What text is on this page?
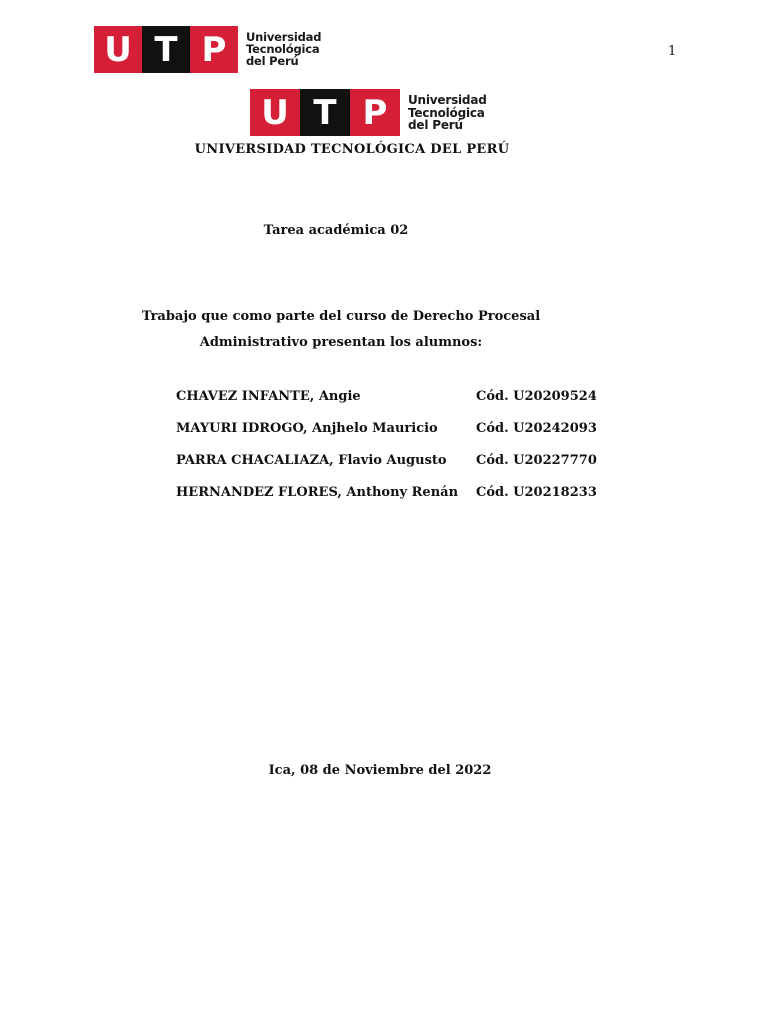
U T P	Universidad
Tecnológica
del Perú
1
U T P	Universidad
Tecnológica
del Perú
UNIVERSIDAD TECNOLÓGICA DEL PERÚ
Tarea académica 02
Trabajo que como parte del curso de Derecho Procesal
Administrativo presentan los alumnos:
CHAVEZ INFANTE, Angie	Cód. U20209524
MAYURI IDROGO, Anjhelo Mauricio	Cód. U20242093
PARRA CHACALIAZA, Flavio Augusto Cód. U20227770
HERNANDEZ FLORES, Anthony Renán Cód. U20218233
Ica, 08 de Noviembre del 2022
